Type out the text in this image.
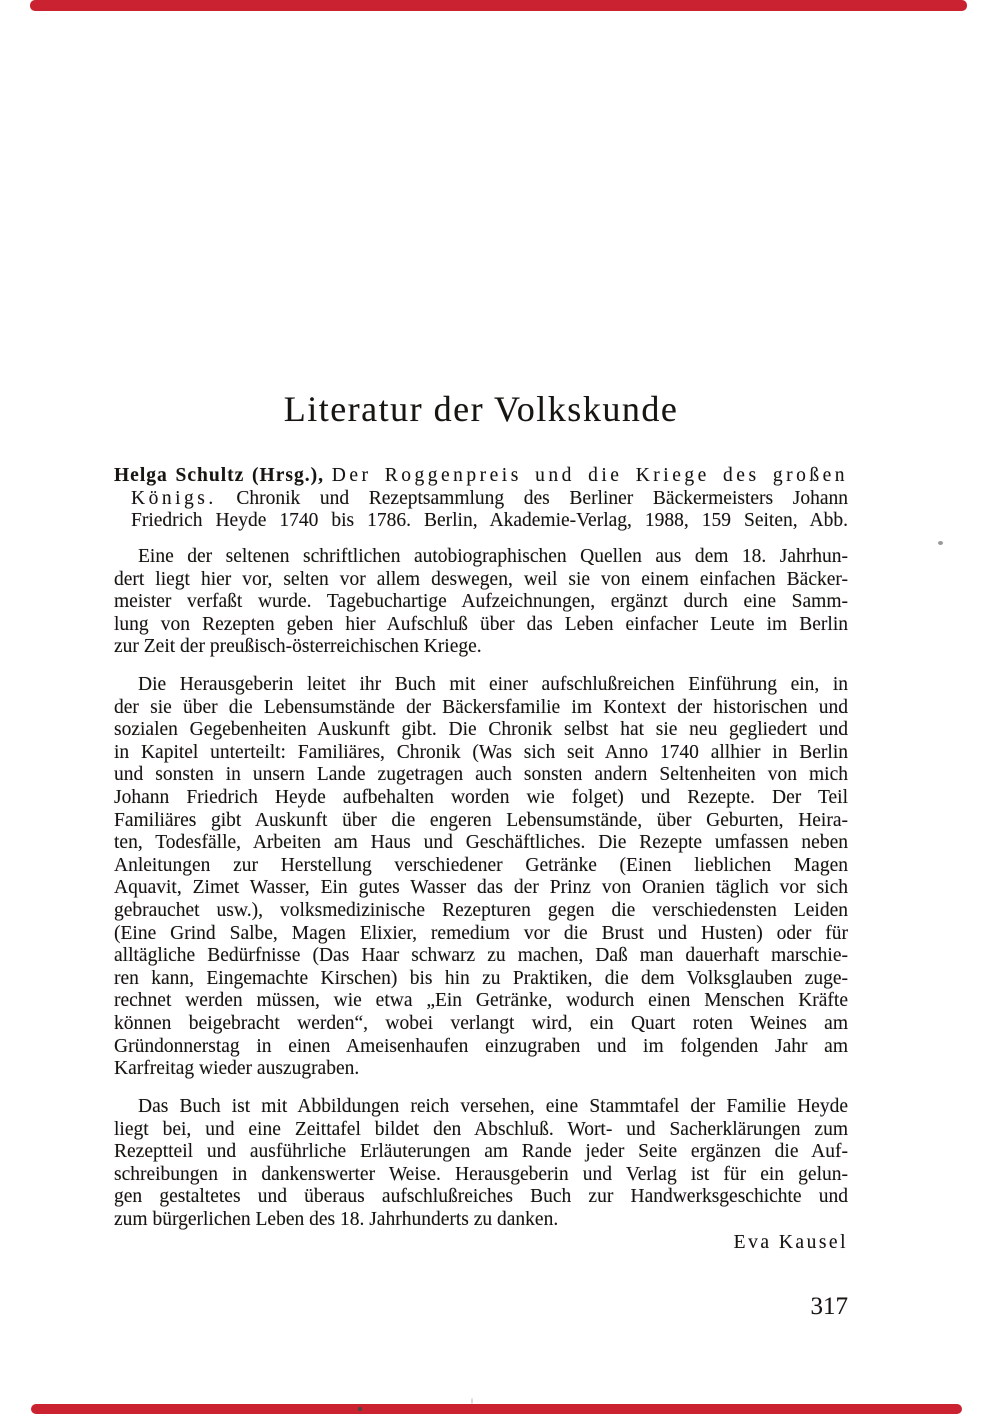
Literatur der Volkskunde
Helga Schultz (Hrsg.), Der Roggenpreis und die Kriege des großen
Königs. Chronik und Rezeptsammlung des Berliner Bäckermeisters Johann
Friedrich Heyde 1740 bis 1786. Berlin, Akademie-Verlag, 1988, 159 Seiten, Abb.
Eine der seltenen schriftlichen autobiographischen Quellen aus dem 18. Jahrhun-
dert liegt hier vor, selten vor allem deswegen, weil sie von einem einfachen Bäcker-
meister verfaßt wurde. Tagebuchartige Aufzeichnungen, ergänzt durch eine Samm-
lung von Rezepten geben hier Aufschluß über das Leben einfacher Leute im Berlin
zur Zeit der preußisch-österreichischen Kriege.
Die Herausgeberin leitet ihr Buch mit einer aufschlußreichen Einführung ein, in
der sie über die Lebensumstände der Bäckersfamilie im Kontext der historischen und
sozialen Gegebenheiten Auskunft gibt. Die Chronik selbst hat sie neu gegliedert und
in Kapitel unterteilt: Familiäres, Chronik (Was sich seit Anno 1740 allhier in Berlin
und sonsten in unsern Lande zugetragen auch sonsten andern Seltenheiten von mich
Johann Friedrich Heyde aufbehalten worden wie folget) und Rezepte. Der Teil
Familiäres gibt Auskunft über die engeren Lebensumstände, über Geburten, Heira-
ten, Todesfälle, Arbeiten am Haus und Geschäftliches. Die Rezepte umfassen neben
Anleitungen zur Herstellung verschiedener Getränke (Einen lieblichen Magen
Aquavit, Zimet Wasser, Ein gutes Wasser das der Prinz von Oranien täglich vor sich
gebrauchet usw.), volksmedizinische Rezepturen gegen die verschiedensten Leiden
(Eine Grind Salbe, Magen Elixier, remedium vor die Brust und Husten) oder für
alltägliche Bedürfnisse (Das Haar schwarz zu machen, Daß man dauerhaft marschie-
ren kann, Eingemachte Kirschen) bis hin zu Praktiken, die dem Volksglauben zuge-
rechnet werden müssen, wie etwa „Ein Getränke, wodurch einen Menschen Kräfte
können beigebracht werden“, wobei verlangt wird, ein Quart roten Weines am
Gründonnerstag in einen Ameisenhaufen einzugraben und im folgenden Jahr am
Karfreitag wieder auszugraben.
Das Buch ist mit Abbildungen reich versehen, eine Stammtafel der Familie Heyde
liegt bei, und eine Zeittafel bildet den Abschluß. Wort- und Sacherklärungen zum
Rezeptteil und ausführliche Erläuterungen am Rande jeder Seite ergänzen die Auf-
schreibungen in dankenswerter Weise. Herausgeberin und Verlag ist für ein gelun-
gen gestaltetes und überaus aufschlußreiches Buch zur Handwerksgeschichte und
zum bürgerlichen Leben des 18. Jahrhunderts zu danken.
Eva Kausel
317
